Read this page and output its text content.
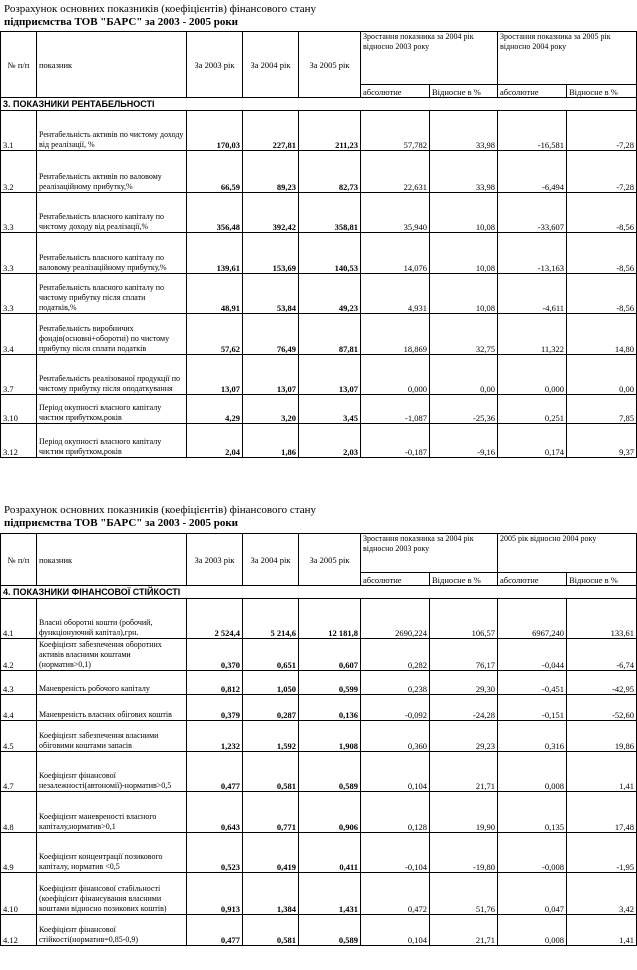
Розрахунок основних показників (коефіцієнтів) фінансового стану
підприємства ТОВ "БАРС" за 2003 - 2005 роки
№ п/п	показник	За 2003 рік	За 2004 рік	За 2005 рік	Зростання показника за 2004 рік відносно 2003 року		Зростання показника за 2005 рік відносно 2004 року	
					абсолютне	Відносне в %	абсолютне	Відносне в %
3. ПОКАЗНИКИ РЕНТАБЕЛЬНОСТІ								
3.1	Рентабельність активів по чистому доходу від реалізації, %	170,03	227,81	211,23	57,782	33,98	-16,581	-7,28
3.2	Рентабельність активів по валовому реалізаційному прибутку,%	66,59	89,23	82,73	22,631	33,98	-6,494	-7,28
3.3	Рентабельність власного капіталу по чистому доходу від реалізації,%	356,48	392,42	358,81	35,940	10,08	-33,607	-8,56
3.3	Рентабельність власного капіталу по валовому реалізаційному прибутку,%	139,61	153,69	140,53	14,076	10,08	-13,163	-8,56
3.3	Рентабельність власного капіталу по чистому прибутку після сплати податків,%	48,91	53,84	49,23	4,931	10,08	-4,611	-8,56
3.4	Рентабельність виробничих фондів(основні+оборотні) по чистому прибутку після сплати податків	57,62	76,49	87,81	18,869	32,75	11,322	14,80
3.7	Рентабельність реалізованої продукції по чистому прибутку після оподаткування	13,07	13,07	13,07	0,000	0,00	0,000	0,00
3.10	Період окупності власного капіталу чистим прибутком,років	4,29	3,20	3,45	-1,087	-25,36	0,251	7,85
3.12	Період окупності власного капіталу чистим прибутком,років	2,04	1,86	2,03	-0,187	-9,16	0,174	9,37
Розрахунок основних показників (коефіцієнтів) фінансового стану
підприємства ТОВ "БАРС" за 2003 - 2005 роки
№ п/п	показник	За 2003 рік	За 2004 рік	За 2005 рік	Зростання показника за 2004 рік відносно 2003 року		2005 рік відносно 2004 року	
					абсолютне	Відносне в %	абсолютне	Відносне в %
4. ПОКАЗНИКИ ФІНАНСОВОЇ СТІЙКОСТІ								
4.1	Власні оборотні кошти (робочий, функціонуючий капітал),грн.	2 524,4	5 214,6	12 181,8	2690,224	106,57	6967,240	133,61
4.2	Коефіцієнт забезпечення оборотних активів власними коштами (норматив>0,1)	0,370	0,651	0,607	0,282	76,17	-0,044	-6,74
4.3	Маневреність робочого капіталу	0,812	1,050	0,599	0,238	29,30	-0,451	-42,95
4.4	Маневреність власних обігових коштів	0,379	0,287	0,136	-0,092	-24,28	-0,151	-52,60
4.5	Коефіцієнт забезпечення власними обіговими коштами запасів	1,232	1,592	1,908	0,360	29,23	0,316	19,86
4.7	Коефіцієнт фінансової незалежності(автономії)-норматив>0,5	0,477	0,581	0,589	0,104	21,71	0,008	1,41
4.8	Коефіцієнт маневреності власного капіталу,норматив>0,1	0,643	0,771	0,906	0,128	19,90	0,135	17,48
4.9	Коефіцієнт концентрації позикового капіталу, норматив <0,5	0,523	0,419	0,411	-0,104	-19,80	-0,008	-1,95
4.10	Коефіцієнт фінансової стабільності (коефіцієнт фінансування власними коштами відносно позикових коштів)	0,913	1,384	1,431	0,472	51,76	0,047	3,42
4.12	Коефіцієнт фінансової стійкості(норматив=0,85-0,9)	0,477	0,581	0,589	0,104	21,71	0,008	1,41
